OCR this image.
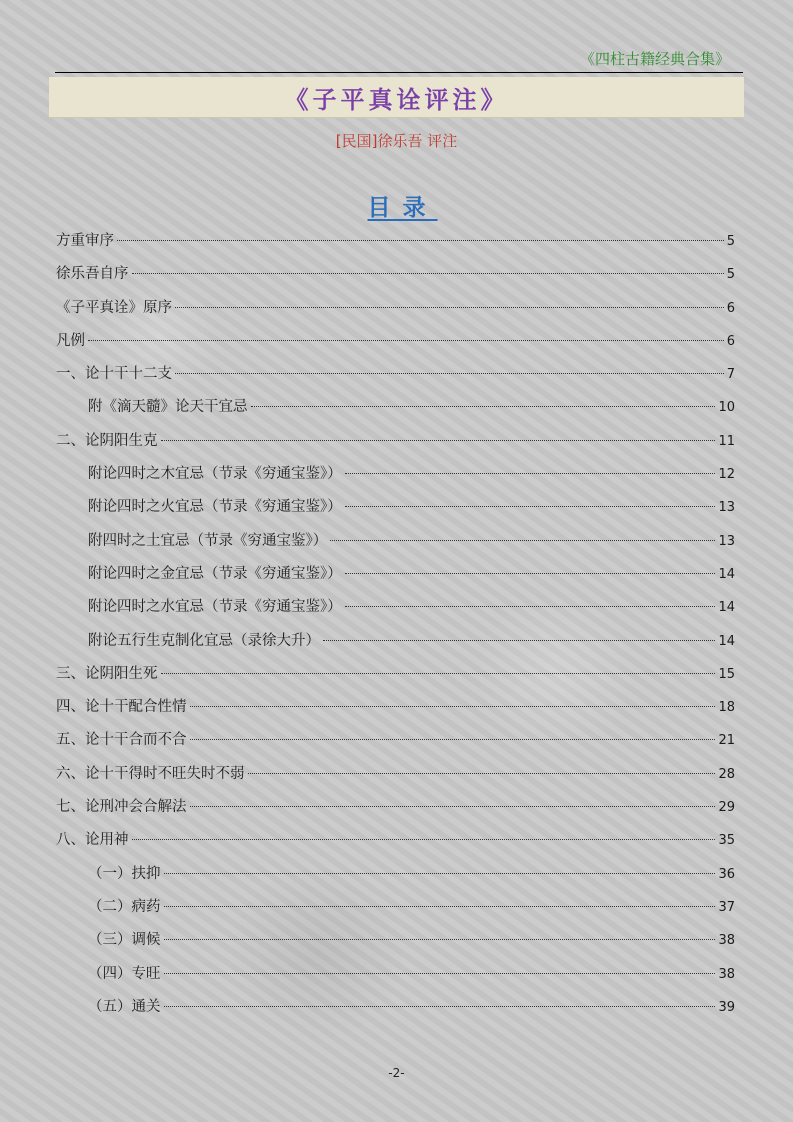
《四柱古籍经典合集》
《子平真诠评注》
[民国]徐乐吾 评注
目录
方重审序	5
徐乐吾自序	5
《子平真诠》原序	6
凡例	6
一、论十干十二支	7
附《滴天髓》论天干宜忌	10
二、论阴阳生克	11
附论四时之木宜忌（节录《穷通宝鉴》）	12
附论四时之火宜忌（节录《穷通宝鉴》）	13
附四时之土宜忌（节录《穷通宝鉴》）	13
附论四时之金宜忌（节录《穷通宝鉴》）	14
附论四时之水宜忌（节录《穷通宝鉴》）	14
附论五行生克制化宜忌（录徐大升）	14
三、论阴阳生死	15
四、论十干配合性情	18
五、论十干合而不合	21
六、论十干得时不旺失时不弱	28
七、论刑冲会合解法	29
八、论用神	35
（一）扶抑	36
（二）病药	37
（三）调候	38
（四）专旺	38
（五）通关	39
-2-
